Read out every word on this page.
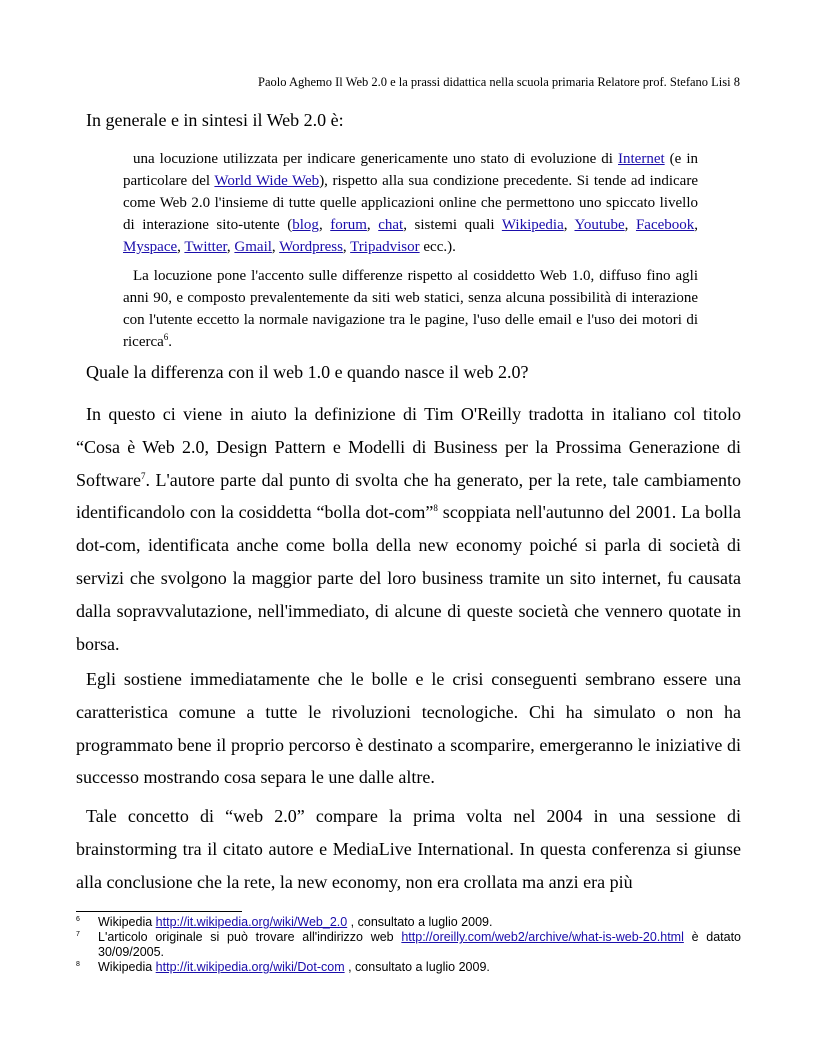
Paolo Aghemo Il Web 2.0 e la prassi didattica nella scuola primaria Relatore prof. Stefano Lisi 8
In generale e in sintesi il Web 2.0 è:

una locuzione utilizzata per indicare genericamente uno stato di evoluzione di Internet (e in particolare del World Wide Web), rispetto alla sua condizione precedente. Si tende ad indicare come Web 2.0 l'insieme di tutte quelle applicazioni online che permettono uno spiccato livello di interazione sito-utente (blog, forum, chat, sistemi quali Wikipedia, Youtube, Facebook, Myspace, Twitter, Gmail, Wordpress, Tripadvisor ecc.).

La locuzione pone l'accento sulle differenze rispetto al cosiddetto Web 1.0, diffuso fino agli anni 90, e composto prevalentemente da siti web statici, senza alcuna possibilità di interazione con l'utente eccetto la normale navigazione tra le pagine, l'uso delle email e l'uso dei motori di ricerca$^6$.

Quale la differenza con il web 1.0 e quando nasce il web 2.0?

In questo ci viene in aiuto la definizione di Tim O'Reilly tradotta in italiano col titolo “Cosa è Web 2.0, Design Pattern e Modelli di Business per la Prossima Generazione di Software$^7$. L'autore parte dal punto di svolta che ha generato, per la rete, tale cambiamento identificandolo con la cosiddetta “bolla dot-com”$^8$ scoppiata nell'autunno del 2001. La bolla dot-com, identificata anche come bolla della new economy poiché si parla di società di servizi che svolgono la maggior parte del loro business tramite un sito internet, fu causata dalla sopravvalutazione, nell'immediato, di alcune di queste società che vennero quotate in borsa.

Egli sostiene immediatamente che le bolle e le crisi conseguenti sembrano essere una caratteristica comune a tutte le rivoluzioni tecnologiche. Chi ha simulato o non ha programmato bene il proprio percorso è destinato a scomparire, emergeranno le iniziative di successo mostrando cosa separa le une dalle altre.

Tale concetto di “web 2.0” compare la prima volta nel 2004 in una sessione di brainstorming tra il citato autore e MediaLive International. In questa conferenza si giunse alla conclusione che la rete, la new economy, non era crollata ma anzi era più

6 Wikipedia http://it.wikipedia.org/wiki/Web_2.0 , consultato a luglio 2009.
7 L'articolo originale si può trovare all'indirizzo web http://oreilly.com/web2/archive/what-is-web-20.html è datato 30/09/2005.
8 Wikipedia http://it.wikipedia.org/wiki/Dot-com , consultato a luglio 2009.
